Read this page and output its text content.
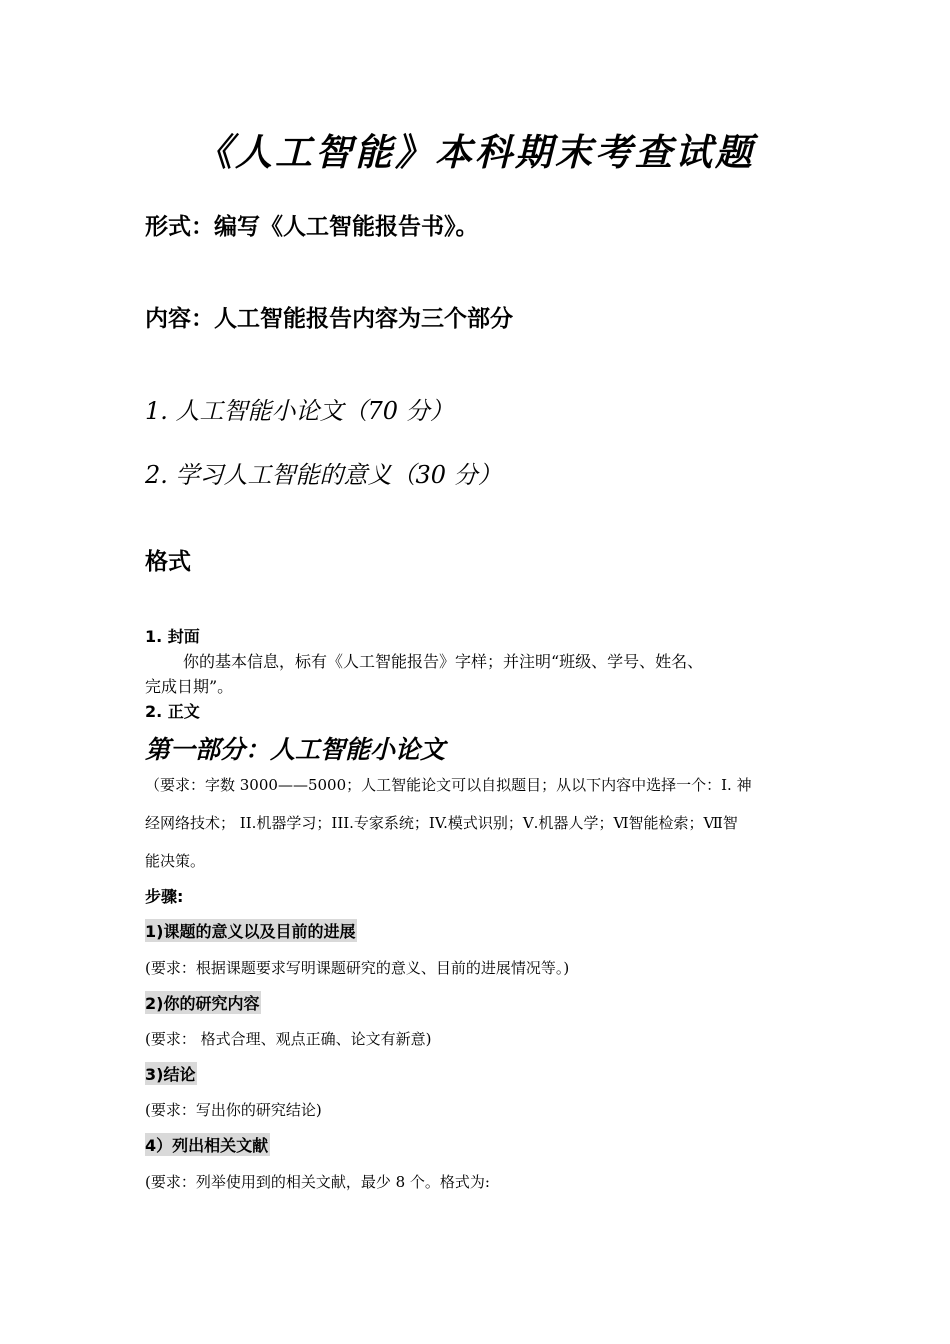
《人工智能》本科期末考查试题
形式：编写《人工智能报告书》。
内容：人工智能报告内容为三个部分
1. 人工智能小论文（70 分）
2. 学习人工智能的意义（30 分）
格式
1. 封面
你的基本信息，标有《人工智能报告》字样；并注明“班级、学号、姓名、
完成日期”。
2. 正文
第一部分：人工智能小论文
（要求：字数 3000——5000；人工智能论文可以自拟题目；从以下内容中选择一个：I. 神
经网络技术； II.机器学习；III.专家系统；IV.模式识别；Ⅴ.机器人学；Ⅵ智能检索；Ⅶ智
能决策。
步骤:
1)课题的意义以及目前的进展
(要求：根据课题要求写明课题研究的意义、目前的进展情况等。)
2)你的研究内容
(要求： 格式合理、观点正确、论文有新意)
3)结论
(要求：写出你的研究结论)
4）列出相关文献
(要求：列举使用到的相关文献，最少 8 个。格式为:
